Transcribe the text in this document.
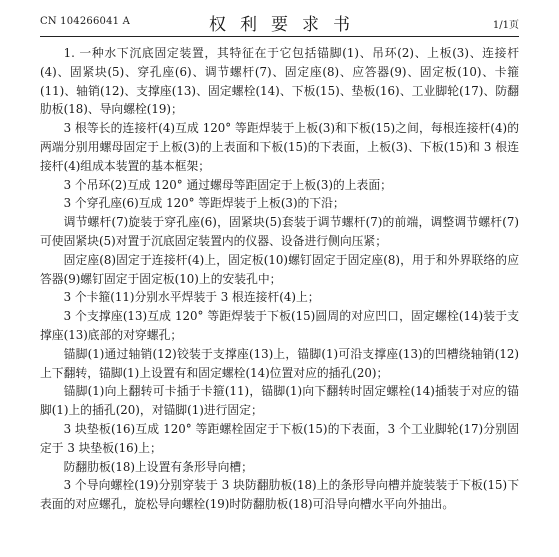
CN 104266041 A	权利要求书	1/1页

1. 一种水下沉底固定装置，其特征在于它包括锚脚(1)、吊环(2)、上板(3)、连接杆(4)、固紧块(5)、穿孔座(6)、调节螺杆(7)、固定座(8)、应答器(9)、固定板(10)、卡箍(11)、轴销(12)、支撑座(13)、固定螺栓(14)、下板(15)、垫板(16)、工业脚轮(17)、防翻肋板(18)、导向螺栓(19)；

3 根等长的连接杆(4)互成 120° 等距焊装于上板(3)和下板(15)之间，每根连接杆(4)的两端分别用螺母固定于上板(3)的上表面和下板(15)的下表面，上板(3)、下板(15)和 3 根连接杆(4)组成本装置的基本框架；

3 个吊环(2)互成 120° 通过螺母等距固定于上板(3)的上表面；

3 个穿孔座(6)互成 120° 等距焊装于上板(3)的下沿；

调节螺杆(7)旋装于穿孔座(6)，固紧块(5)套装于调节螺杆(7)的前端，调整调节螺杆(7)可使固紧块(5)对置于沉底固定装置内的仪器、设备进行侧向压紧；

固定座(8)固定于连接杆(4)上，固定板(10)螺钉固定于固定座(8)，用于和外界联络的应答器(9)螺钉固定于固定板(10)上的安装孔中；

3 个卡箍(11)分别水平焊装于 3 根连接杆(4)上；

3 个支撑座(13)互成 120° 等距焊装于下板(15)圆周的对应凹口，固定螺栓(14)装于支撑座(13)底部的对穿螺孔；

锚脚(1)通过轴销(12)铰装于支撑座(13)上，锚脚(1)可沿支撑座(13)的凹槽绕轴销(12)上下翻转，锚脚(1)上设置有和固定螺栓(14)位置对应的插孔(20)；

锚脚(1)向上翻转可卡插于卡箍(11)，锚脚(1)向下翻转时固定螺栓(14)插装于对应的锚脚(1)上的插孔(20)，对锚脚(1)进行固定；

3 块垫板(16)互成 120° 等距螺栓固定于下板(15)的下表面，3 个工业脚轮(17)分别固定于 3 块垫板(16)上；

防翻肋板(18)上设置有条形导向槽；

3 个导向螺栓(19)分别穿装于 3 块防翻肋板(18)上的条形导向槽并旋装装于下板(15)下表面的对应螺孔，旋松导向螺栓(19)时防翻肋板(18)可沿导向槽水平向外抽出。
